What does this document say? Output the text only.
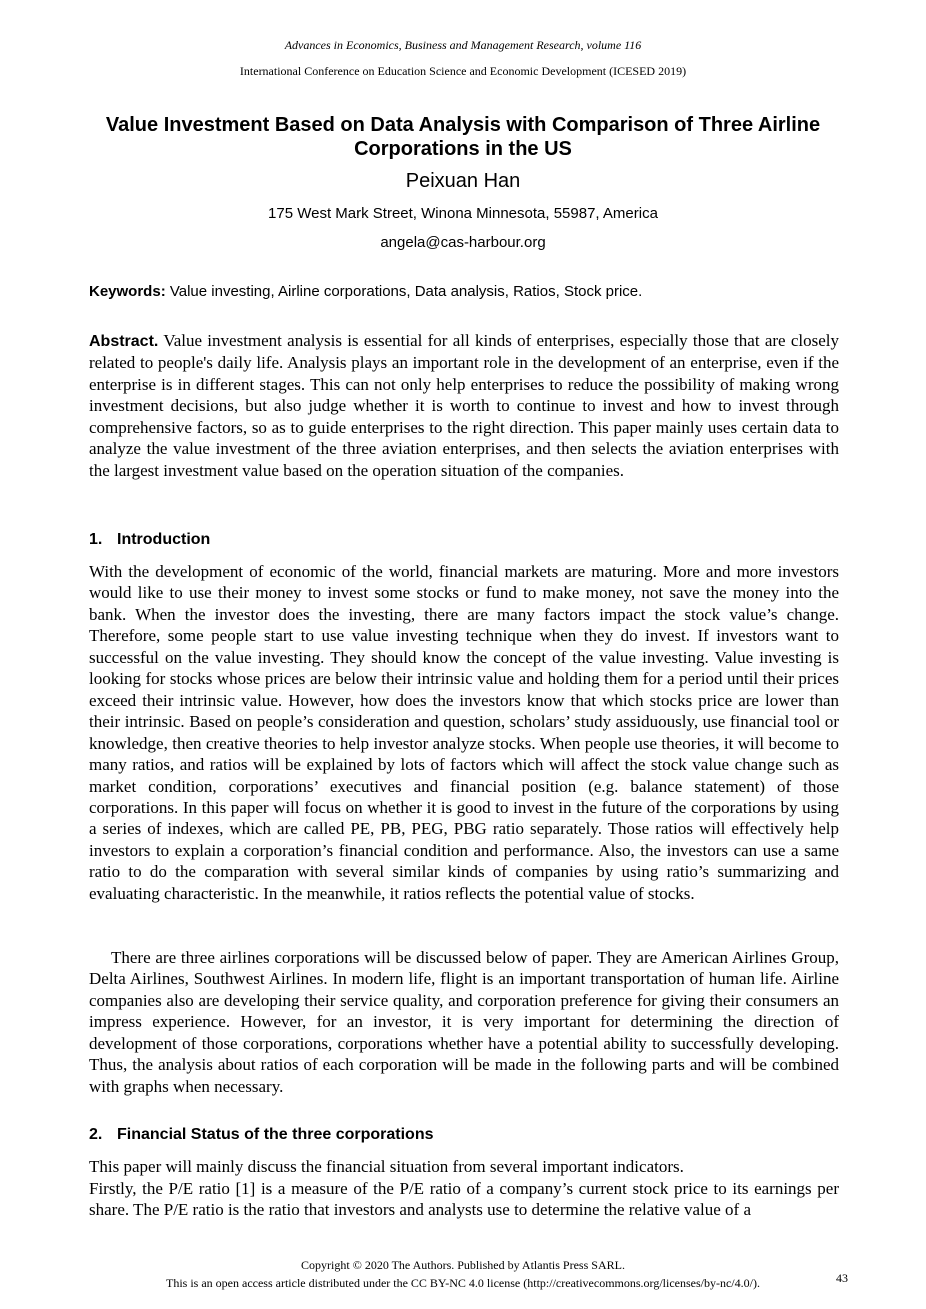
Advances in Economics, Business and Management Research, volume 116
International Conference on Education Science and Economic Development (ICESED 2019)
Value Investment Based on Data Analysis with Comparison of Three Airline Corporations in the US
Peixuan Han
175 West Mark Street, Winona Minnesota, 55987, America
angela@cas-harbour.org
Keywords: Value investing, Airline corporations, Data analysis, Ratios, Stock price.

Abstract. Value investment analysis is essential for all kinds of enterprises, especially those that are closely related to people's daily life. Analysis plays an important role in the development of an enterprise, even if the enterprise is in different stages. This can not only help enterprises to reduce the possibility of making wrong investment decisions, but also judge whether it is worth to continue to invest and how to invest through comprehensive factors, so as to guide enterprises to the right direction. This paper mainly uses certain data to analyze the value investment of the three aviation enterprises, and then selects the aviation enterprises with the largest investment value based on the operation situation of the companies.

1. Introduction

With the development of economic of the world, financial markets are maturing. More and more investors would like to use their money to invest some stocks or fund to make money, not save the money into the bank. When the investor does the investing, there are many factors impact the stock value’s change. Therefore, some people start to use value investing technique when they do invest. If investors want to successful on the value investing. They should know the concept of the value investing. Value investing is looking for stocks whose prices are below their intrinsic value and holding them for a period until their prices exceed their intrinsic value. However, how does the investors know that which stocks price are lower than their intrinsic. Based on people’s consideration and question, scholars’ study assiduously, use financial tool or knowledge, then creative theories to help investor analyze stocks. When people use theories, it will become to many ratios, and ratios will be explained by lots of factors which will affect the stock value change such as market condition, corporations’ executives and financial position (e.g. balance statement) of those corporations. In this paper will focus on whether it is good to invest in the future of the corporations by using a series of indexes, which are called PE, PB, PEG, PBG ratio separately. Those ratios will effectively help investors to explain a corporation’s financial condition and performance. Also, the investors can use a same ratio to do the comparation with several similar kinds of companies by using ratio’s summarizing and evaluating characteristic. In the meanwhile, it ratios reflects the potential value of stocks.

There are three airlines corporations will be discussed below of paper. They are American Airlines Group, Delta Airlines, Southwest Airlines. In modern life, flight is an important transportation of human life. Airline companies also are developing their service quality, and corporation preference for giving their consumers an impress experience. However, for an investor, it is very important for determining the direction of development of those corporations, corporations whether have a potential ability to successfully developing. Thus, the analysis about ratios of each corporation will be made in the following parts and will be combined with graphs when necessary.

2. Financial Status of the three corporations

This paper will mainly discuss the financial situation from several important indicators.

Firstly, the P/E ratio [1] is a measure of the P/E ratio of a company’s current stock price to its earnings per share. The P/E ratio is the ratio that investors and analysts use to determine the relative value of a

Copyright © 2020 The Authors. Published by Atlantis Press SARL.
This is an open access article distributed under the CC BY-NC 4.0 license (http://creativecommons.org/licenses/by-nc/4.0/).	43
